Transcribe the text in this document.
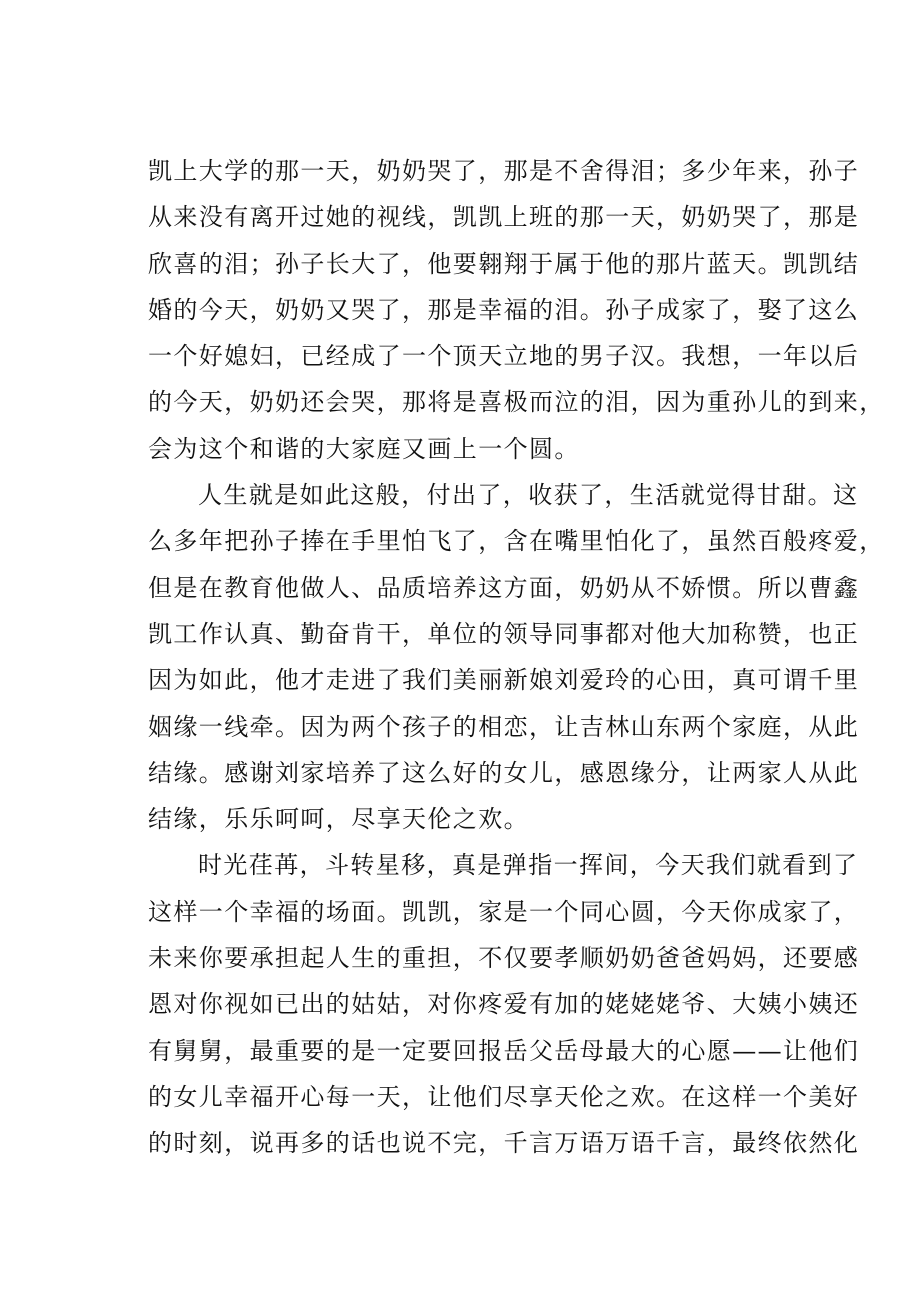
凯上大学的那一天，奶奶哭了，那是不舍得泪；多少年来，孙子
从来没有离开过她的视线，凯凯上班的那一天，奶奶哭了，那是
欣喜的泪；孙子长大了，他要翱翔于属于他的那片蓝天。凯凯结
婚的今天，奶奶又哭了，那是幸福的泪。孙子成家了，娶了这么
一个好媳妇，已经成了一个顶天立地的男子汉。我想，一年以后
的今天，奶奶还会哭，那将是喜极而泣的泪，因为重孙儿的到来，
会为这个和谐的大家庭又画上一个圆。
人生就是如此这般，付出了，收获了，生活就觉得甘甜。这
么多年把孙子捧在手里怕飞了，含在嘴里怕化了，虽然百般疼爱，
但是在教育他做人、品质培养这方面，奶奶从不娇惯。所以曹鑫
凯工作认真、勤奋肯干，单位的领导同事都对他大加称赞，也正
因为如此，他才走进了我们美丽新娘刘爱玲的心田，真可谓千里
姻缘一线牵。因为两个孩子的相恋，让吉林山东两个家庭，从此
结缘。感谢刘家培养了这么好的女儿，感恩缘分，让两家人从此
结缘，乐乐呵呵，尽享天伦之欢。
时光荏苒，斗转星移，真是弹指一挥间，今天我们就看到了
这样一个幸福的场面。凯凯，家是一个同心圆，今天你成家了，
未来你要承担起人生的重担，不仅要孝顺奶奶爸爸妈妈，还要感
恩对你视如已出的姑姑，对你疼爱有加的姥姥姥爷、大姨小姨还
有舅舅，最重要的是一定要回报岳父岳母最大的心愿——让他们
的女儿幸福开心每一天，让他们尽享天伦之欢。在这样一个美好
的时刻，说再多的话也说不完，千言万语万语千言，最终依然化
